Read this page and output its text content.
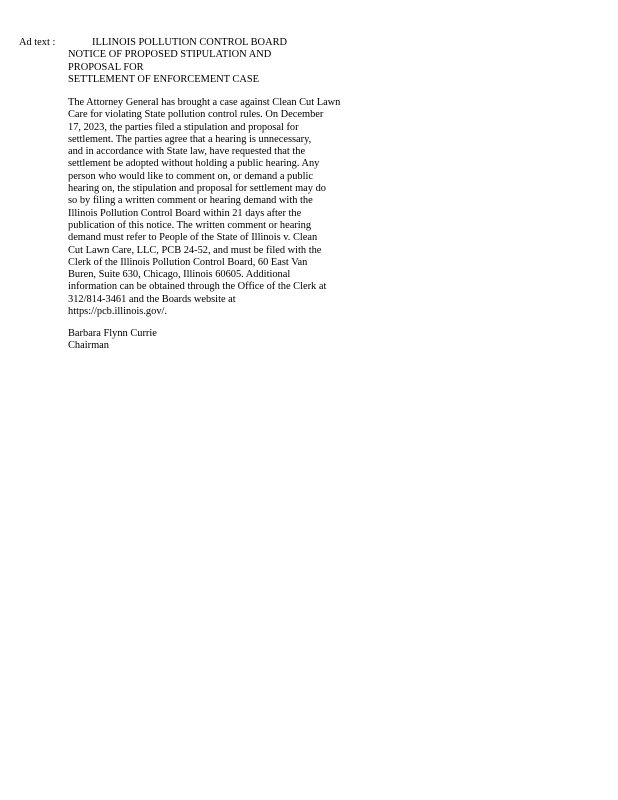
Ad text :	ILLINOIS POLLUTION CONTROL BOARD
NOTICE OF PROPOSED STIPULATION AND
PROPOSAL FOR
SETTLEMENT OF ENFORCEMENT CASE
The Attorney General has brought a case against Clean Cut Lawn
Care for violating State pollution control rules. On December
17, 2023, the parties filed a stipulation and proposal for
settlement. The parties agree that a hearing is unnecessary,
and in accordance with State law, have requested that the
settlement be adopted without holding a public hearing. Any
person who would like to comment on, or demand a public
hearing on, the stipulation and proposal for settlement may do
so by filing a written comment or hearing demand with the
Illinois Pollution Control Board within 21 days after the
publication of this notice. The written comment or hearing
demand must refer to People of the State of Illinois v. Clean
Cut Lawn Care, LLC, PCB 24-52, and must be filed with the
Clerk of the Illinois Pollution Control Board, 60 East Van
Buren, Suite 630, Chicago, Illinois 60605. Additional
information can be obtained through the Office of the Clerk at
312/814-3461 and the Boards website at
https://pcb.illinois.gov/.
Barbara Flynn Currie
Chairman
